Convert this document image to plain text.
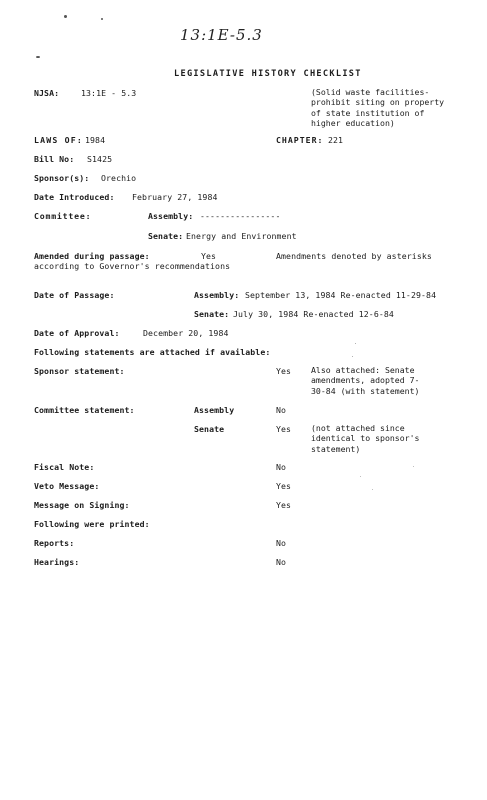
13:1E-5.3
LEGISLATIVE HISTORY CHECKLIST
NJSA:	13:1E - 5.3	(Solid waste facilities-
prohibit siting on property
of state institution of
higher education)
LAWS OF: 1984	CHAPTER: 221
Bill No: S1425
Sponsor(s): Orechio
Date Introduced: February 27, 1984
Committee:	Assembly: ----------------
Senate: Energy and Environment
Amended during passage:	Yes	Amendments denoted by asterisks
according to Governor's recommendations
Date of Passage:	Assembly: September 13, 1984 Re-enacted 11-29-84
Senate: July 30, 1984 Re-enacted 12-6-84
Date of Approval:	December 20, 1984
Following statements are attached if available:
Sponsor statement:	Yes Also attached: Senate
amendments, adopted 7-
30-84 (with statement)
Committee statement:	Assembly	No
Senate	Yes (not attached since
identical to sponsor's
statement)
Fiscal Note:	No
Veto Message:	Yes
Message on Signing:	Yes
Following were printed:
Reports:	No
Hearings:	No
